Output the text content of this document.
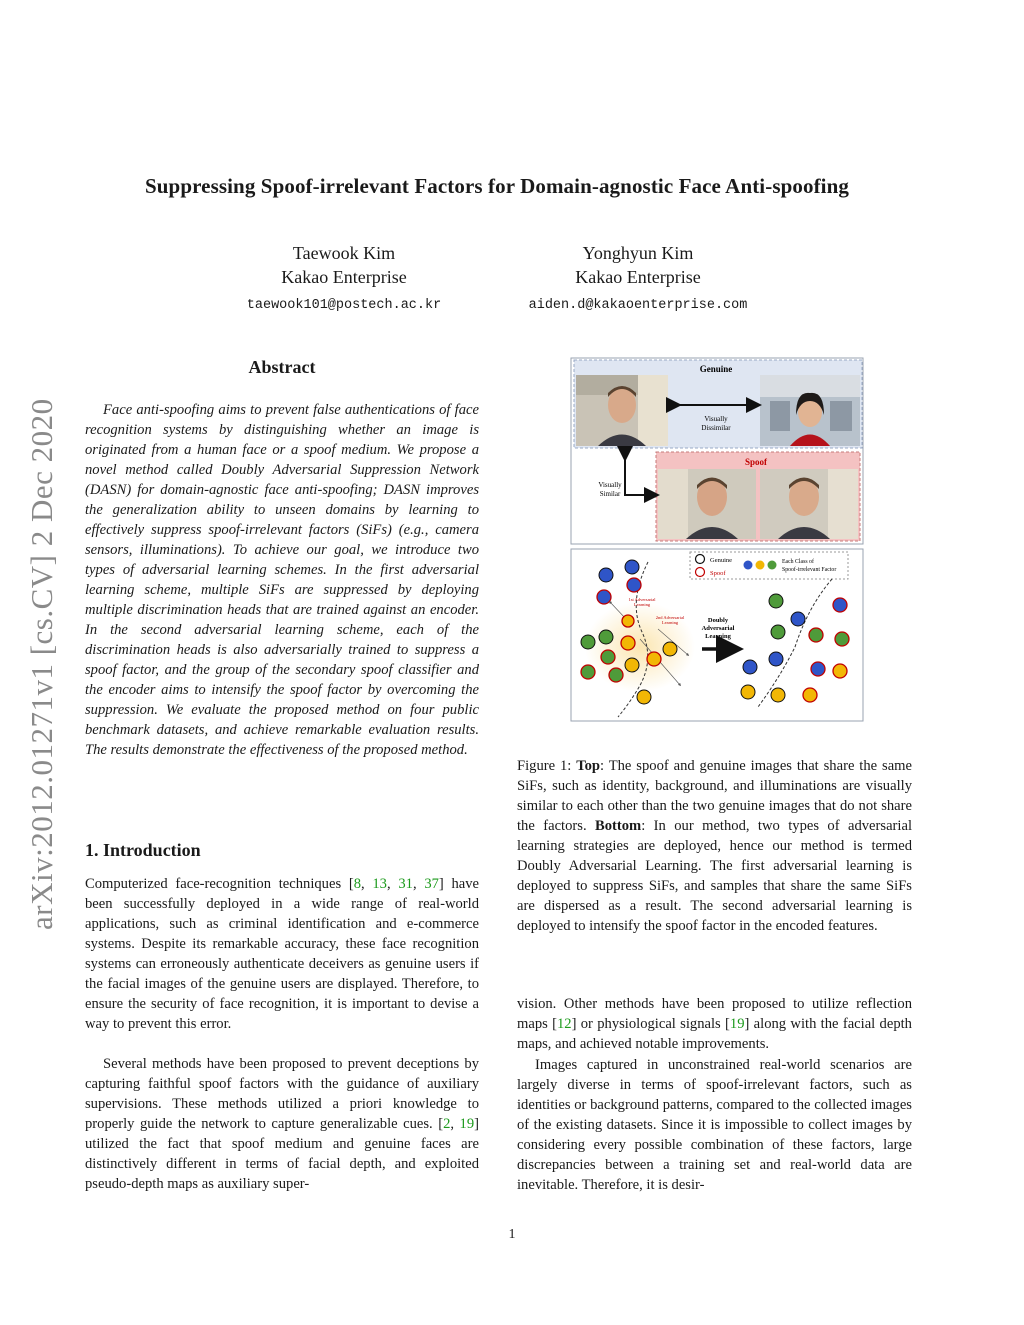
arXiv:2012.01271v1 [cs.CV] 2 Dec 2020
Suppressing Spoof-irrelevant Factors for Domain-agnostic Face Anti-spoofing
Taewook Kim
Kakao Enterprise
taewook101@postech.ac.kr
Yonghyun Kim
Kakao Enterprise
aiden.d@kakaoenterprise.com
Abstract
Face anti-spoofing aims to prevent false authentications of face recognition systems by distinguishing whether an image is originated from a human face or a spoof medium. We propose a novel method called Doubly Adversarial Suppression Network (DASN) for domain-agnostic face anti-spoofing; DASN improves the generalization ability to unseen domains by learning to effectively suppress spoof-irrelevant factors (SiFs) (e.g., camera sensors, illuminations). To achieve our goal, we introduce two types of adversarial learning schemes. In the first adversarial learning scheme, multiple SiFs are suppressed by deploying multiple discrimination heads that are trained against an encoder. In the second adversarial learning scheme, each of the discrimination heads is also adversarially trained to suppress a spoof factor, and the group of the secondary spoof classifier and the encoder aims to intensify the spoof factor by overcoming the suppression. We evaluate the proposed method on four public benchmark datasets, and achieve remarkable evaluation results. The results demonstrate the effectiveness of the proposed method.
1. Introduction
Computerized face-recognition techniques [8, 13, 31, 37] have been successfully deployed in a wide range of real-world applications, such as criminal identification and e-commerce systems. Despite its remarkable accuracy, these face recognition systems can erroneously authenticate deceivers as genuine users if the facial images of the genuine users are displayed. Therefore, to ensure the security of face recognition, it is important to devise a way to prevent this error.
Several methods have been proposed to prevent deceptions by capturing faithful spoof factors with the guidance of auxiliary supervisions. These methods utilized a priori knowledge to properly guide the network to capture generalizable cues. [2, 19] utilized the fact that spoof medium and genuine faces are distinctively different in terms of facial depth, and exploited pseudo-depth maps as auxiliary super-
Genuine
Visually
Dissimilar
Spoof
Visually
Similar
Genuine
Spoof
Each Class of
Spoof-irrelevant Factor
1st Adversarial
Learning
2nd Adversarial
Learning	Doubly
Adversarial
Learning
Figure 1: Top: The spoof and genuine images that share the same SiFs, such as identity, background, and illuminations are visually similar to each other than the two genuine images that do not share the factors. Bottom: In our method, two types of adversarial learning strategies are deployed, hence our method is termed Doubly Adversarial Learning. The first adversarial learning is deployed to suppress SiFs, and samples that share the same SiFs are dispersed as a result. The second adversarial learning is deployed to intensify the spoof factor in the encoded features.
vision. Other methods have been proposed to utilize reflection maps [12] or physiological signals [19] along with the facial depth maps, and achieved notable improvements.
Images captured in unconstrained real-world scenarios are largely diverse in terms of spoof-irrelevant factors, such as identities or background patterns, compared to the collected images of the existing datasets. Since it is impossible to collect images by considering every possible combination of these factors, large discrepancies between a training set and real-world data are inevitable. Therefore, it is desir-
1
